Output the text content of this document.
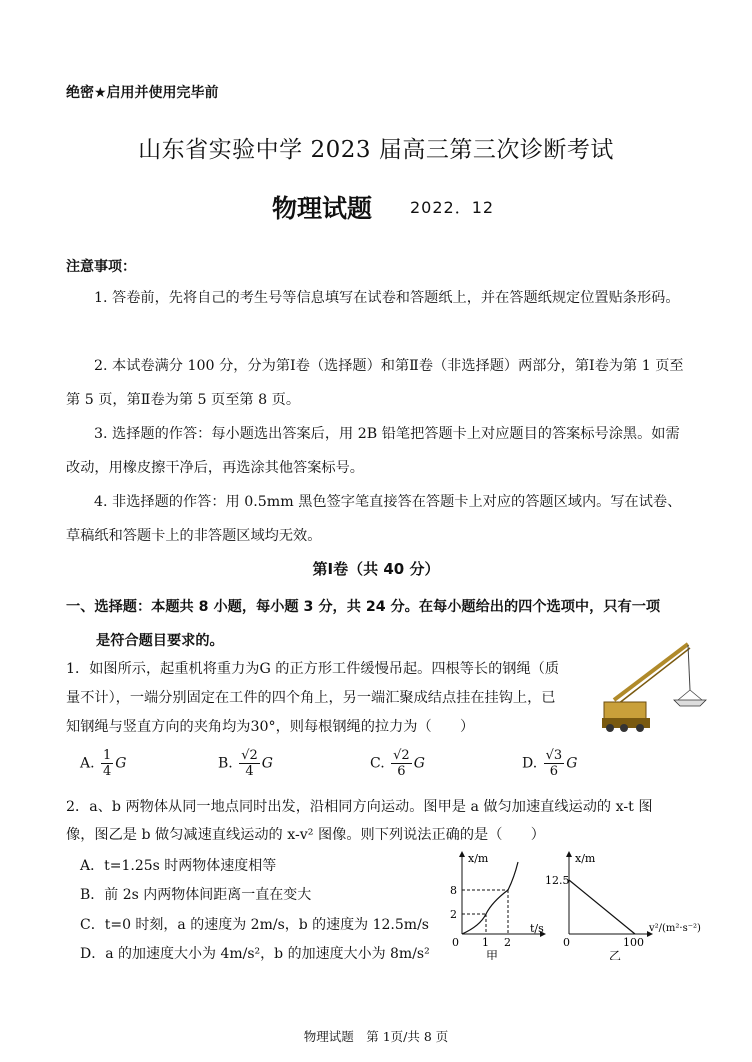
绝密★启用并使用完毕前
山东省实验中学 2023 届高三第三次诊断考试
物理试题 2022．12
注意事项：
1. 答卷前，先将自己的考生号等信息填写在试卷和答题纸上，并在答题纸规定位置贴条形码。
2. 本试卷满分 100 分，分为第Ⅰ卷（选择题）和第Ⅱ卷（非选择题）两部分，第Ⅰ卷为第 1 页至第 5 页，第Ⅱ卷为第 5 页至第 8 页。
3. 选择题的作答：每小题选出答案后，用 2B 铅笔把答题卡上对应题目的答案标号涂黑。如需改动，用橡皮擦干净后，再选涂其他答案标号。
4. 非选择题的作答：用 0.5mm 黑色签字笔直接答在答题卡上对应的答题区域内。写在试卷、草稿纸和答题卡上的非答题区域均无效。
第Ⅰ卷（共 40 分）
一、选择题：本题共 8 小题，每小题 3 分，共 24 分。在每小题给出的四个选项中，只有一项
是符合题目要求的。
1．如图所示，起重机将重力为G 的正方形工件缓慢吊起。四根等长的钢绳（质
量不计），一端分别固定在工件的四个角上，另一端汇聚成结点挂在挂钩上，已
知钢绳与竖直方向的夹角均为30°，则每根钢绳的拉力为（　　）
A. $\frac{1}{4}$ G	B. $\frac{√2}{4}$ G	C. $\frac{√2}{6}$ G	D. $\frac{√3}{6}$ G
2．a、b 两物体从同一地点同时出发，沿相同方向运动。图甲是 a 做匀加速直线运动的 x-t 图
像，图乙是 b 做匀减速直线运动的 x-v² 图像。则下列说法正确的是（　　）
A．t=1.25s 时两物体速度相等
B．前 2s 内两物体间距离一直在变大
C．t=0 时刻，a 的速度为 2m/s，b 的速度为 12.5m/s
D．a 的加速度大小为 4m/s²，b 的加速度大小为 8m/s²
x/m
t/s
8
2
1 2
0
甲
x/m
v²/(m²·s⁻²)
12.5
100
0
乙
物理试题　第 1页/共 8 页
